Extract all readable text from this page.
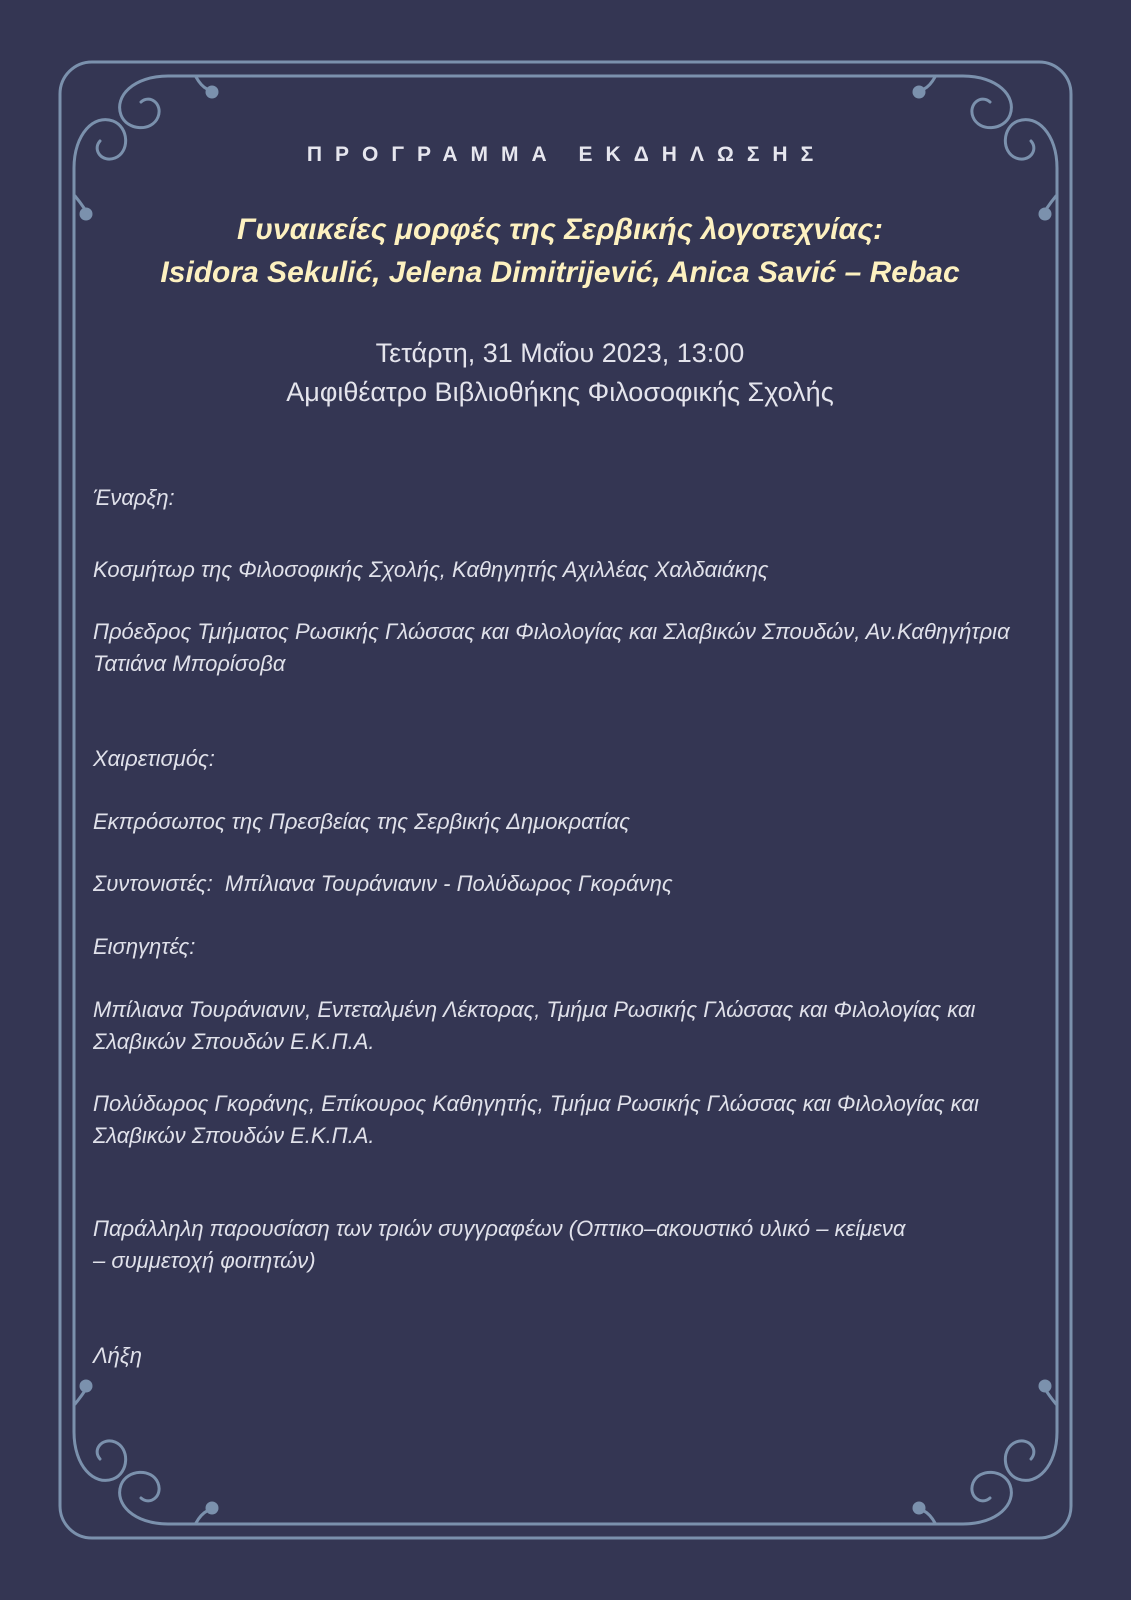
ΠΡΟΓΡΑΜΜΑ ΕΚΔΗΛΩΣΗΣ
Γυναικείες μορφές της Σερβικής λογοτεχνίας:
Isidora Sekulić, Jelena Dimitrijević, Anica Savić – Rebac
Τετάρτη, 31 Μαΐου 2023, 13:00
Αμφιθέατρο Βιβλιοθήκης Φιλοσοφικής Σχολής

Έναρξη:

Κοσμήτωρ της Φιλοσοφικής Σχολής, Καθηγητής Αχιλλέας Χαλδαιάκης

Πρόεδρος Τμήματος Ρωσικής Γλώσσας και Φιλολογίας και Σλαβικών Σπουδών, Αν.Καθηγήτρια
Τατιάνα Μπορίσοβα

Χαιρετισμός:

Εκπρόσωπος της Πρεσβείας της Σερβικής Δημοκρατίας

Συντονιστές:  Μπίλιανα Τουράνιανιν - Πολύδωρος Γκοράνης

Εισηγητές:

Μπίλιανα Τουράνιανιν, Εντεταλμένη Λέκτορας, Τμήμα Ρωσικής Γλώσσας και Φιλολογίας και
Σλαβικών Σπουδών Ε.Κ.Π.Α.

Πολύδωρος Γκοράνης, Επίκουρος Καθηγητής, Τμήμα Ρωσικής Γλώσσας και Φιλολογίας και
Σλαβικών Σπουδών Ε.Κ.Π.Α.

Παράλληλη παρουσίαση των τριών συγγραφέων (Οπτικο–ακουστικό υλικό – κείμενα
– συμμετοχή φοιτητών)

Λήξη
